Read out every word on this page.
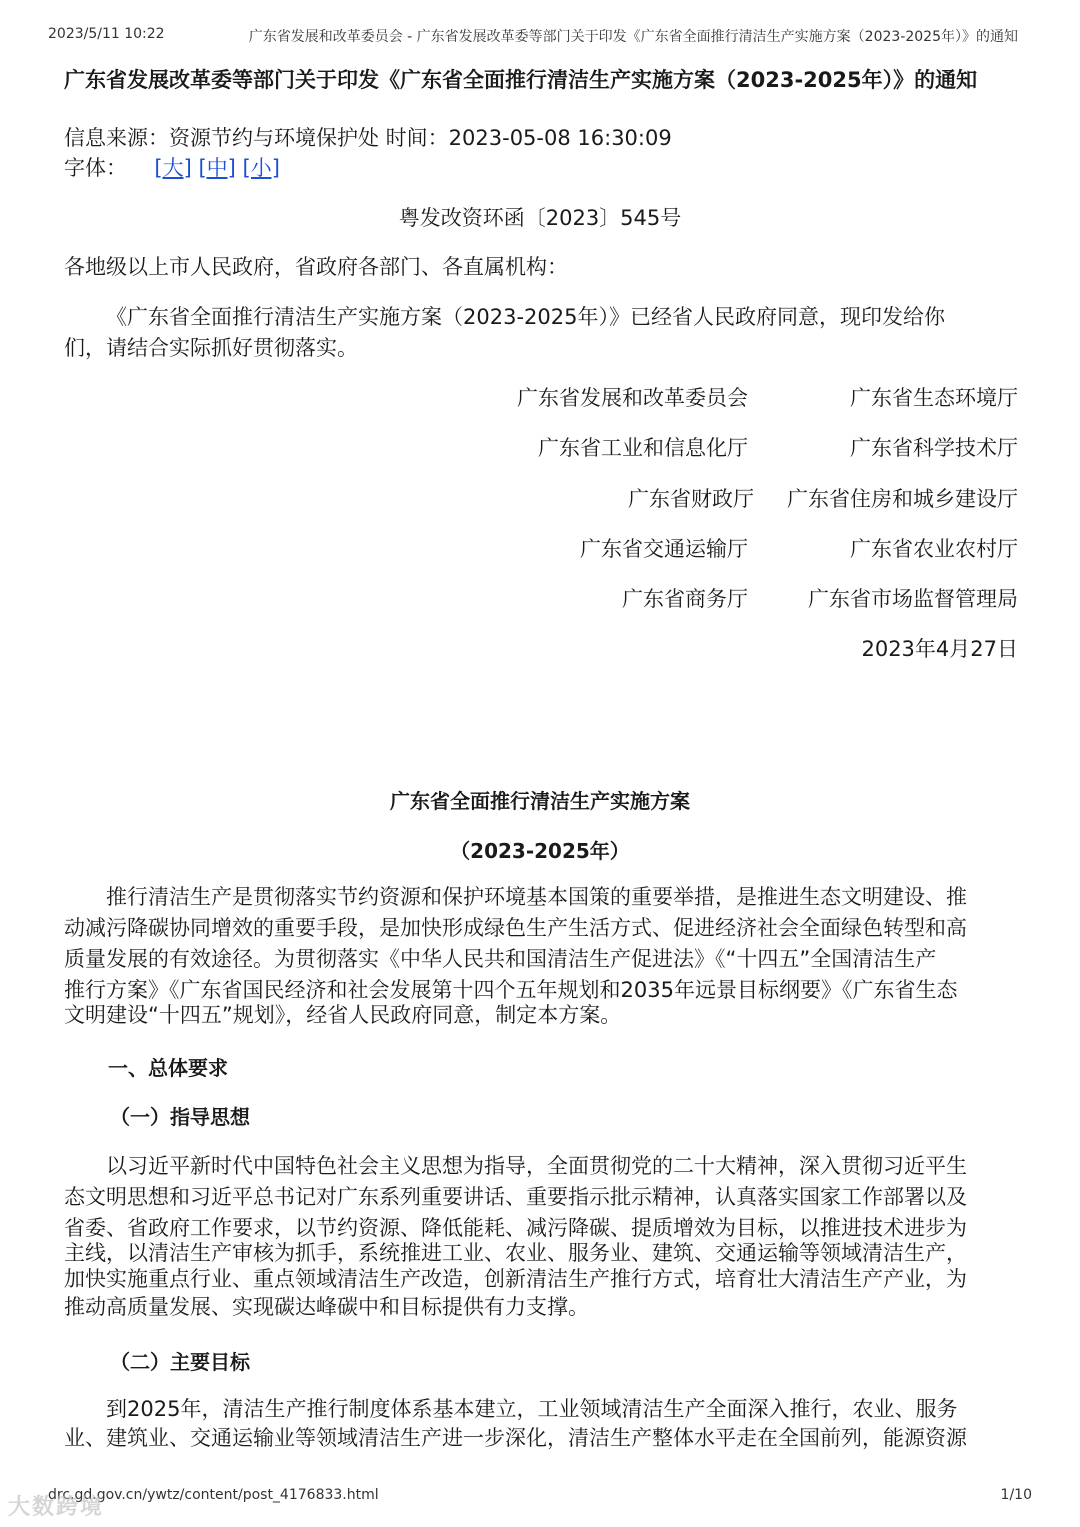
2023/5/11 10:22	广东省发展和改革委员会 - 广东省发展改革委等部门关于印发《广东省全面推行清洁生产实施方案（2023-2025年）》的通知
广东省发展改革委等部门关于印发《广东省全面推行清洁生产实施方案（2023-2025年）》的通知
信息来源：资源节约与环境保护处 时间：2023-05-08 16:30:09
字体： [大] [中] [小]
粤发改资环函〔2023〕545号
各地级以上市人民政府，省政府各部门、各直属机构：
《广东省全面推行清洁生产实施方案（2023-2025年）》已经省人民政府同意，现印发给你
们，请结合实际抓好贯彻落实。
广东省发展和改革委员会	广东省生态环境厅
广东省工业和信息化厅	广东省科学技术厅
广东省财政厅 广东省住房和城乡建设厅
广东省交通运输厅	广东省农业农村厅
广东省商务厅	广东省市场监督管理局
2023年4月27日
广东省全面推行清洁生产实施方案
（2023-2025年）
推行清洁生产是贯彻落实节约资源和保护环境基本国策的重要举措，是推进生态文明建设、推
动减污降碳协同增效的重要手段，是加快形成绿色生产生活方式、促进经济社会全面绿色转型和高
质量发展的有效途径。为贯彻落实《中华人民共和国清洁生产促进法》《“十四五”全国清洁生产
推行方案》《广东省国民经济和社会发展第十四个五年规划和2035年远景目标纲要》《广东省生态
文明建设“十四五”规划》，经省人民政府同意，制定本方案。
一、总体要求
（一）指导思想
以习近平新时代中国特色社会主义思想为指导，全面贯彻党的二十大精神，深入贯彻习近平生
态文明思想和习近平总书记对广东系列重要讲话、重要指示批示精神，认真落实国家工作部署以及
省委、省政府工作要求，以节约资源、降低能耗、减污降碳、提质增效为目标，以推进技术进步为
主线，以清洁生产审核为抓手，系统推进工业、农业、服务业、建筑、交通运输等领域清洁生产，
加快实施重点行业、重点领域清洁生产改造，创新清洁生产推行方式，培育壮大清洁生产产业，为
推动高质量发展、实现碳达峰碳中和目标提供有力支撑。
（二）主要目标
到2025年，清洁生产推行制度体系基本建立，工业领域清洁生产全面深入推行，农业、服务
业、建筑业、交通运输业等领域清洁生产进一步深化，清洁生产整体水平走在全国前列，能源资源
drc.gd.gov.cn/ywtz/content/post_4176833.html	1/10
大数跨境
